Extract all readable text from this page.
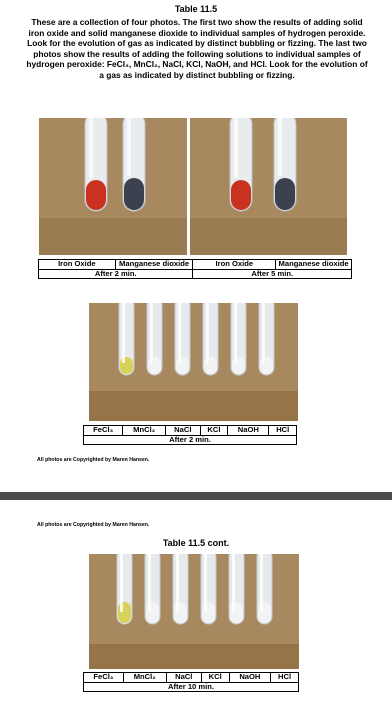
Table 11.5
These are a collection of four photos. The first two show the results of adding solid iron oxide and solid manganese dioxide to individual samples of hydrogen peroxide. Look for the evolution of gas as indicated by distinct bubbling or fizzing. The last two photos show the results of adding the following solutions to individual samples of hydrogen peroxide: FeCl₃, MnCl₂, NaCl, KCl, NaOH, and HCl. Look for the evolution of a gas as indicated by distinct bubbling or fizzing.
Iron Oxide	Manganese dioxide	Iron Oxide	Manganese dioxide
After 2 min.		After 5 min.	
FeCl₃	MnCl₂	NaCl	KCl	NaOH	HCl
After 2 min.
All photos are Copyrighted by Maren Hansen.
All photos are Copyrighted by Maren Hansen.
Table 11.5 cont.
FeCl₃	MnCl₂	NaCl	KCl	NaOH	HCl
After 10 min.
